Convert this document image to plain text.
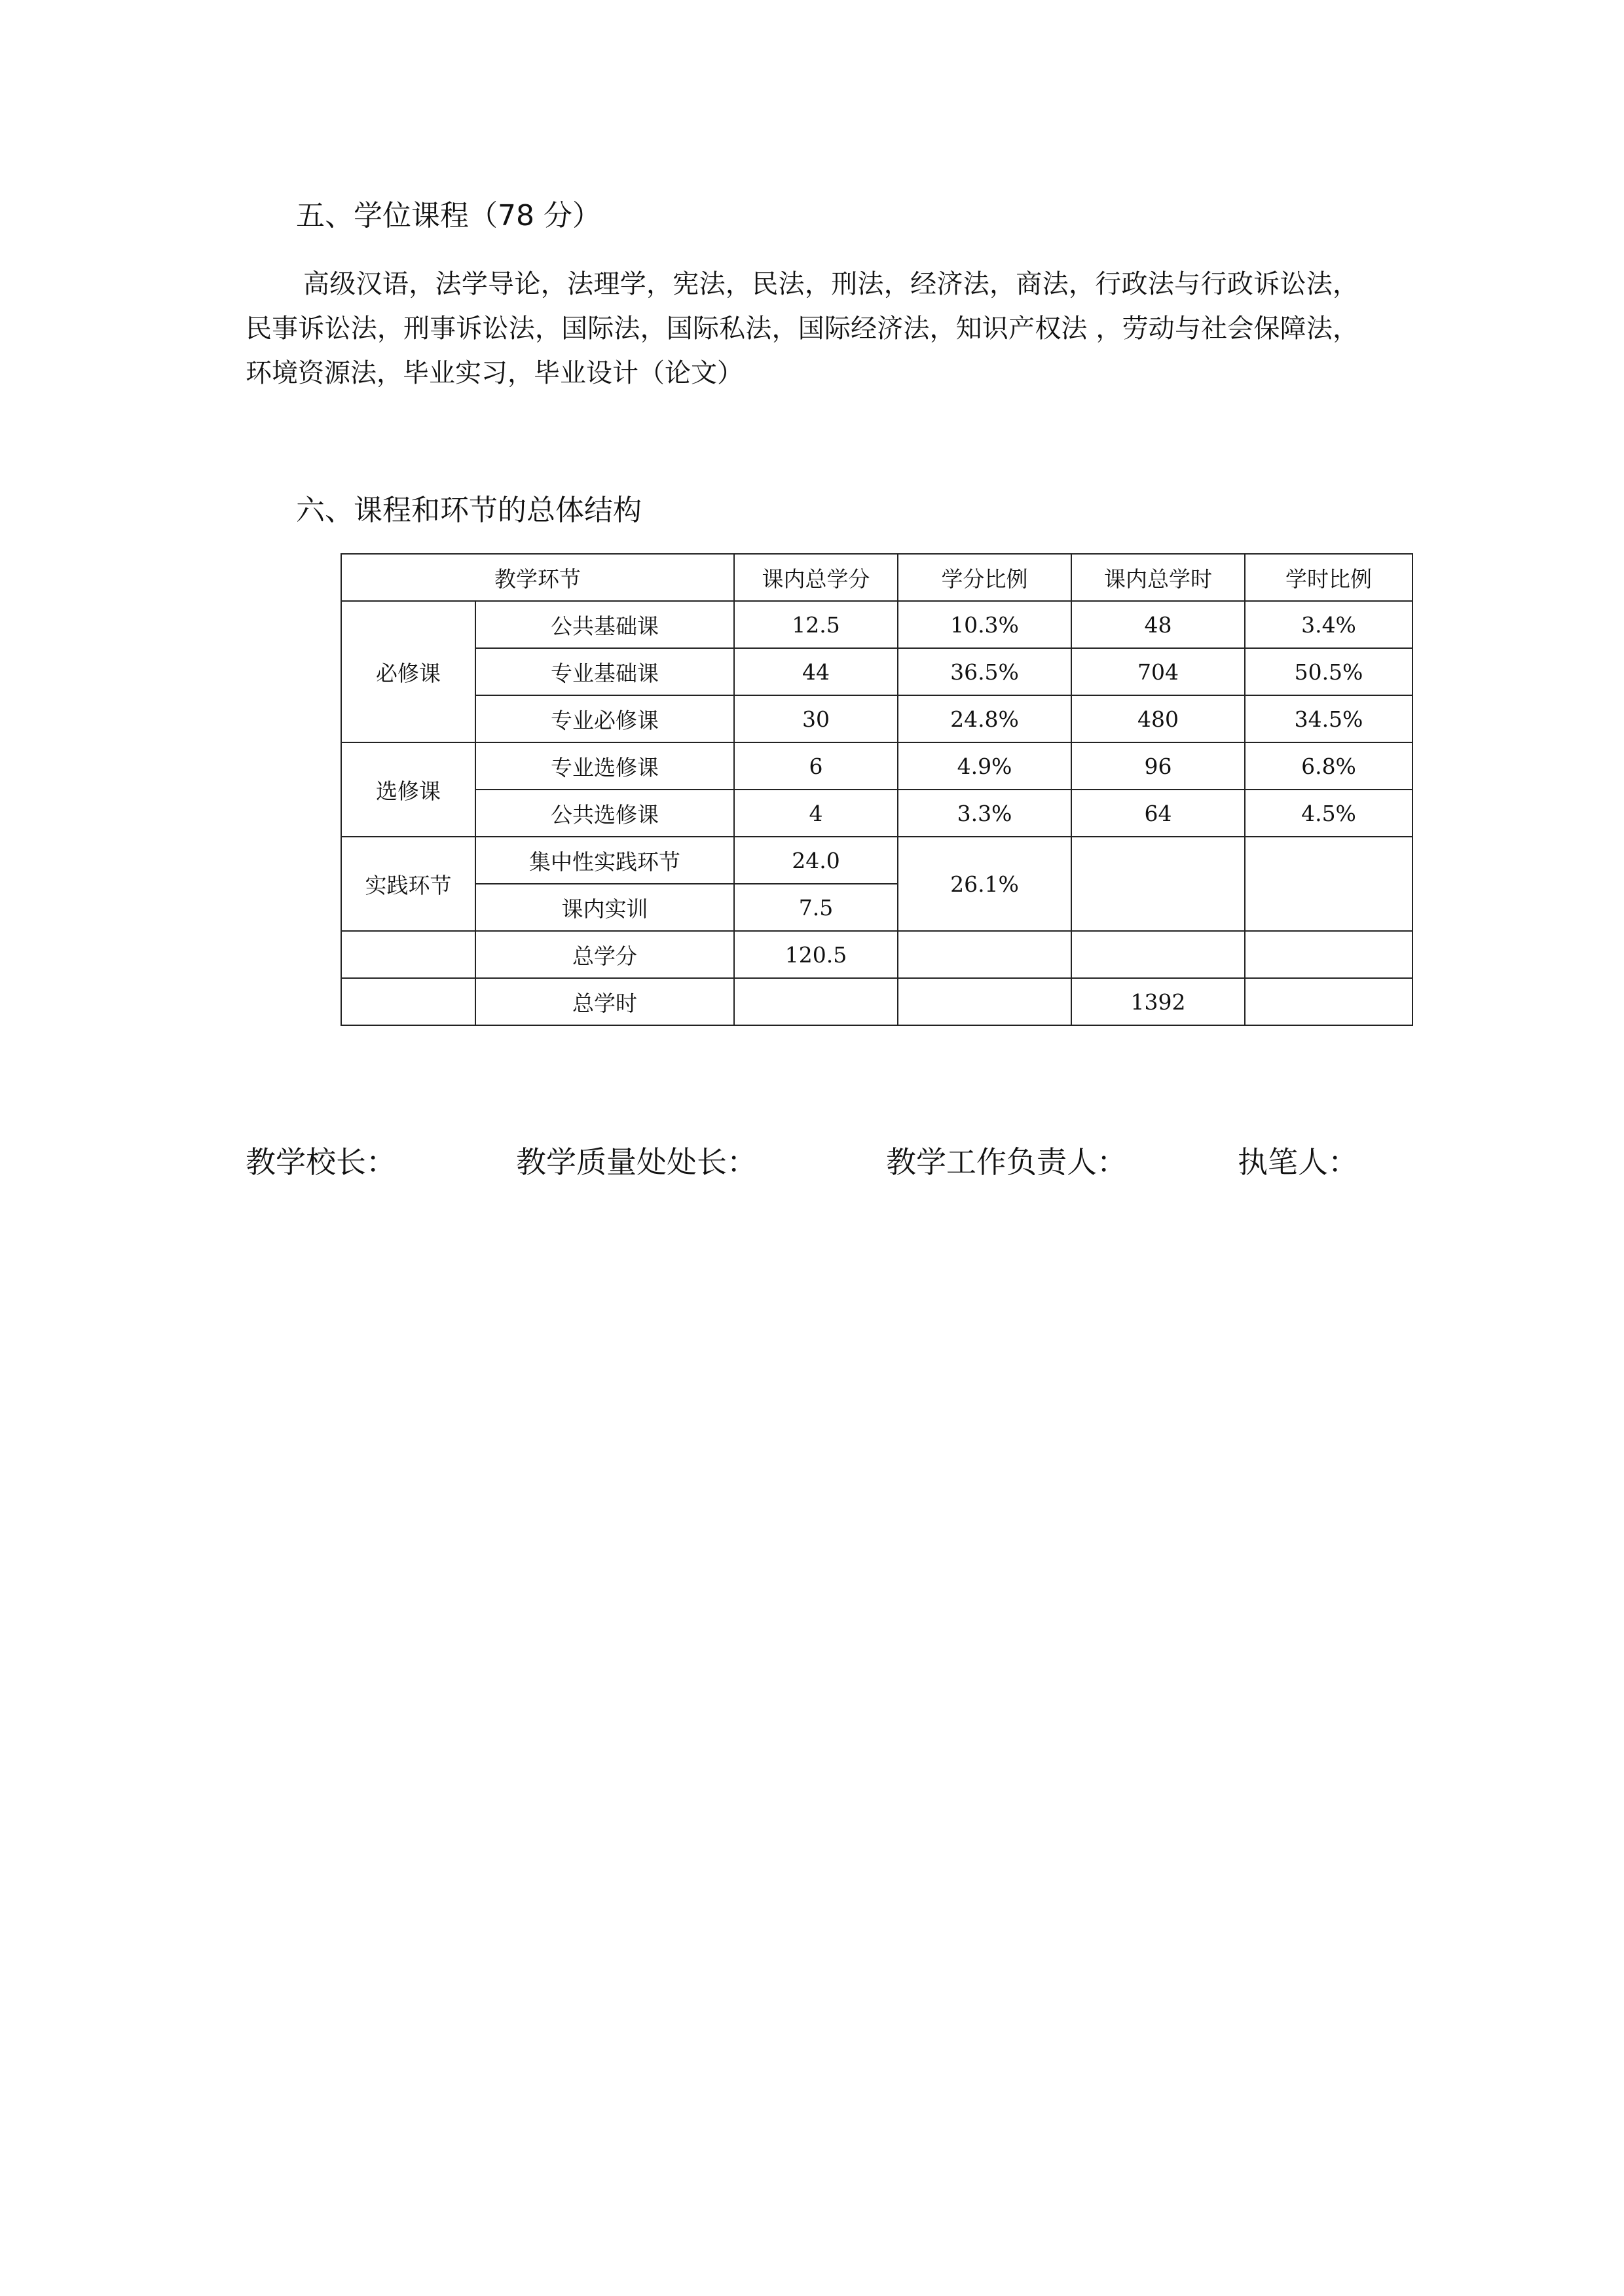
五、学位课程（78 分）

高级汉语，法学导论，法理学，宪法，民法，刑法，经济法，商法，行政法与行政诉讼法，民事诉讼法，刑事诉讼法，国际法，国际私法，国际经济法，知识产权法 ，劳动与社会保障法，环境资源法，毕业实习，毕业设计（论文）

六、课程和环节的总体结构
教学环节		课内总学分	学分比例	课内总学时	学时比例
必修课	公共基础课	12.5	10.3%	48	3.4%
	专业基础课	44	36.5%	704	50.5%
	专业必修课	30	24.8%	480	34.5%
选修课	专业选修课	6	4.9%	96	6.8%
	公共选修课	4	3.3%	64	4.5%
实践环节	集中性实践环节	24.0	26.1%		
	课内实训	7.5			
	总学分	120.5			
	总学时			1392	
教学校长：	教学质量处处长：	教学工作负责人：	执笔人：
